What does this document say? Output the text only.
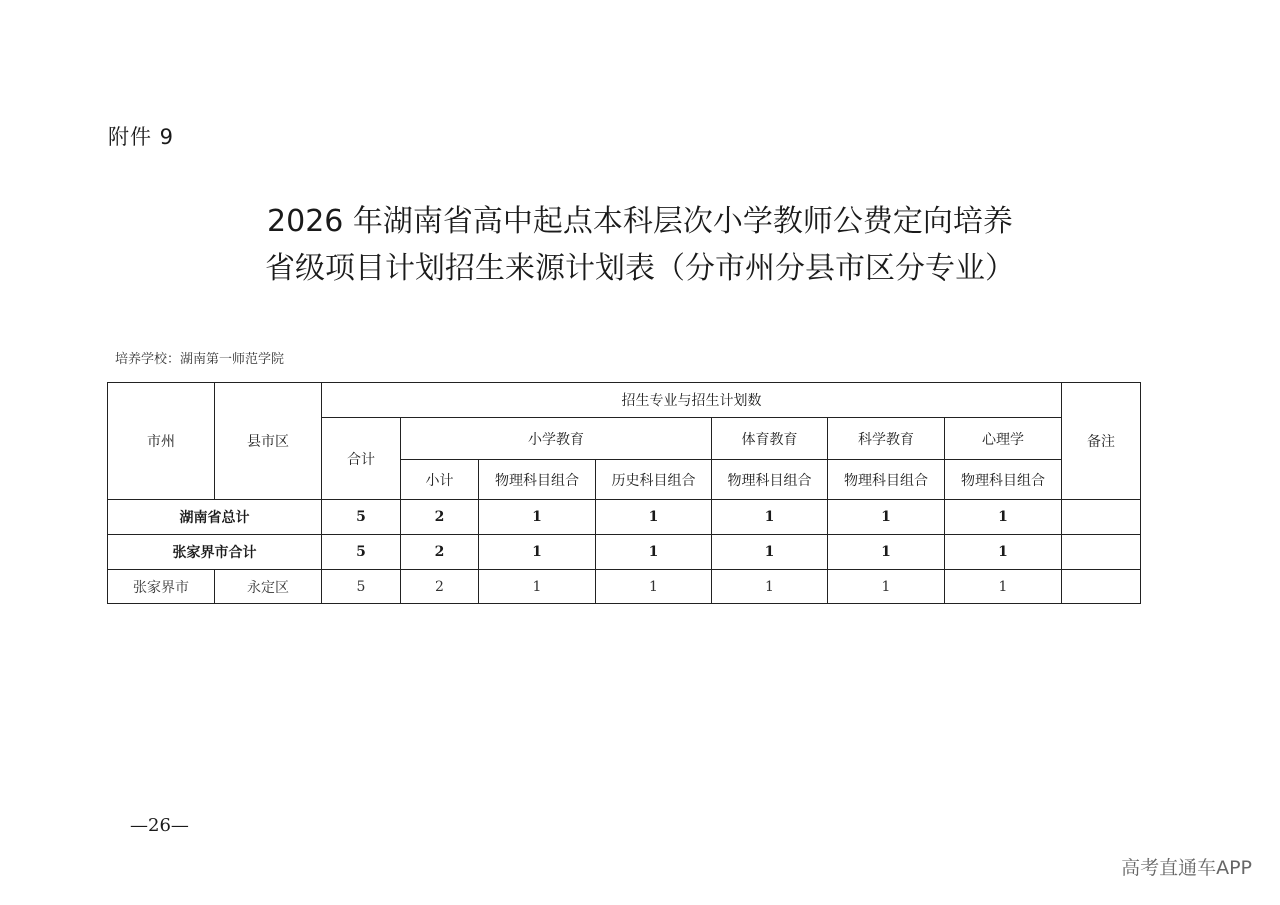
附件 9
2026 年湖南省高中起点本科层次小学教师公费定向培养
省级项目计划招生来源计划表（分市州分县市区分专业）
培养学校：湖南第一师范学院
市州	县市区	招生专业与招生计划数							备注
		合计	小学教育			体育教育	科学教育	心理学	
			小计	物理科目组合	历史科目组合	物理科目组合	物理科目组合	物理科目组合	
湖南省总计		5	2	1	1	1	1	1	
张家界市合计		5	2	1	1	1	1	1	
张家界市	永定区	5	2	1	1	1	1	1	
—26—
高考直通车APP
